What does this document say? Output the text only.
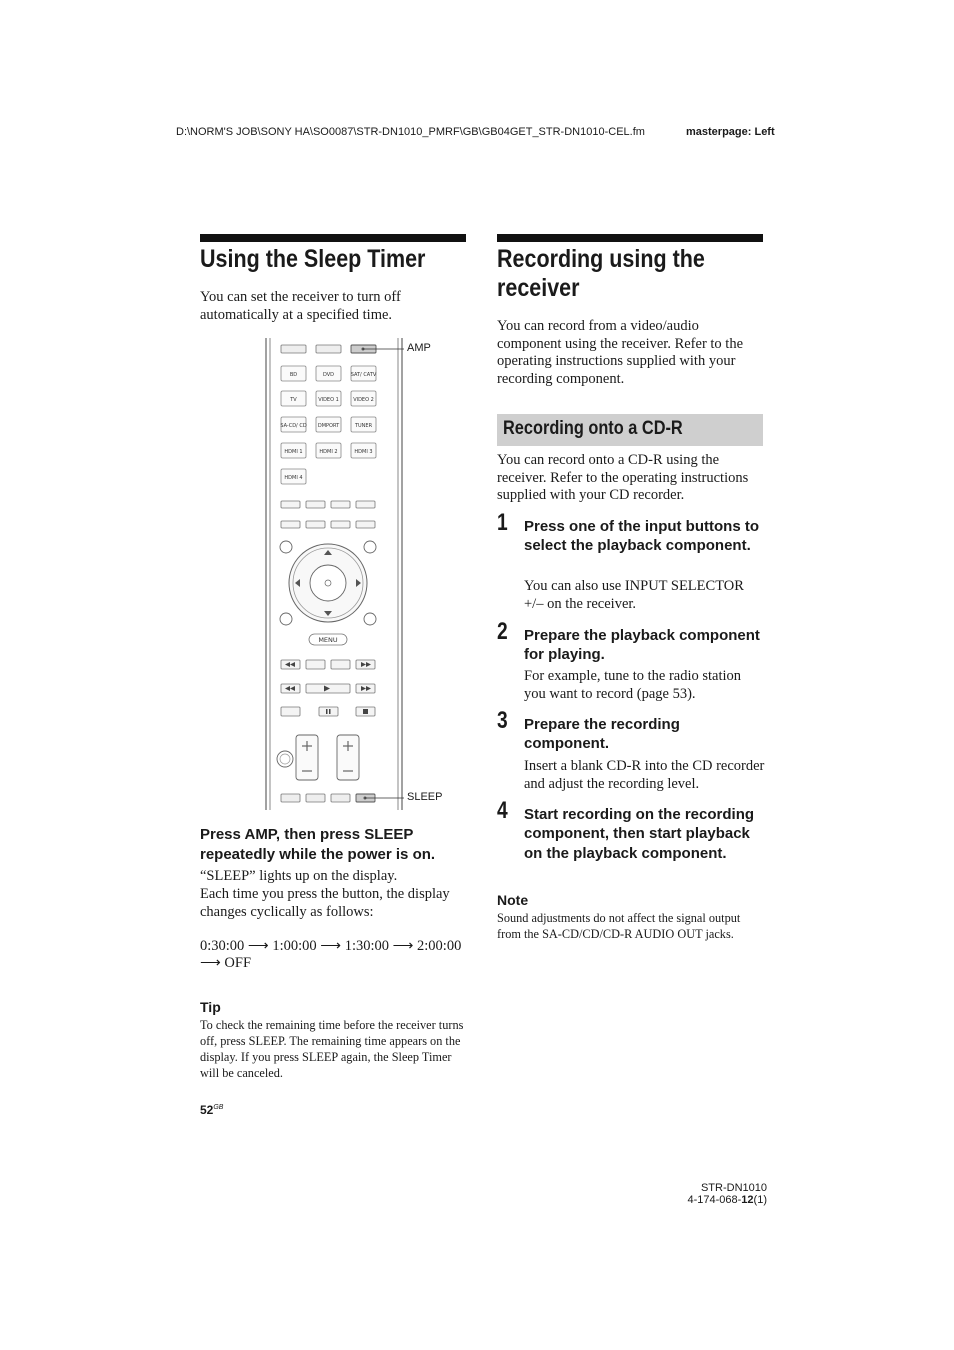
D:\NORM'S JOB\SONY HA\SO0087\STR-DN1010_PMRF\GB\GB04GET_STR-DN1010-CEL.fm	masterpage: Left
Using the Sleep Timer

You can set the receiver to turn off automatically at a specified time.

BD	DVD	SAT/ CATV
TV	VIDEO 1	VIDEO 2
SA-CD/ CD DMPORT	TUNER
HDMI 1	HDMI 2	HDMI 3
HDMI 4
MENU
AMP
SLEEP

Press AMP, then press SLEEP repeatedly while the power is on.

“SLEEP” lights up on the display.

Each time you press the button, the display changes cyclically as follows:

0:30:00 ⟶ 1:00:00 ⟶ 1:30:00 ⟶ 2:00:00

⟶ OFF

Tip

To check the remaining time before the receiver turns off, press SLEEP. The remaining time appears on the display. If you press SLEEP again, the Sleep Timer will be canceled.

Recording using the
receiver

You can record from a video/audio component using the receiver. Refer to the operating instructions supplied with your recording component.

Recording onto a CD-R

You can record onto a CD-R using the receiver. Refer to the operating instructions supplied with your CD recorder.

1 Press one of the input buttons to select the playback component.

You can also use INPUT SELECTOR +/– on the receiver.

2 Prepare the playback component for playing.

For example, tune to the radio station you want to record (page 53).

3 Prepare the recording component.

Insert a blank CD-R into the CD recorder and adjust the recording level.

4 Start recording on the recording component, then start playback on the playback component.

Note

Sound adjustments do not affect the signal output from the SA-CD/CD/CD-R AUDIO OUT jacks.

$52^{GB}$
STR-DN1010
4-174-068-12(1)
